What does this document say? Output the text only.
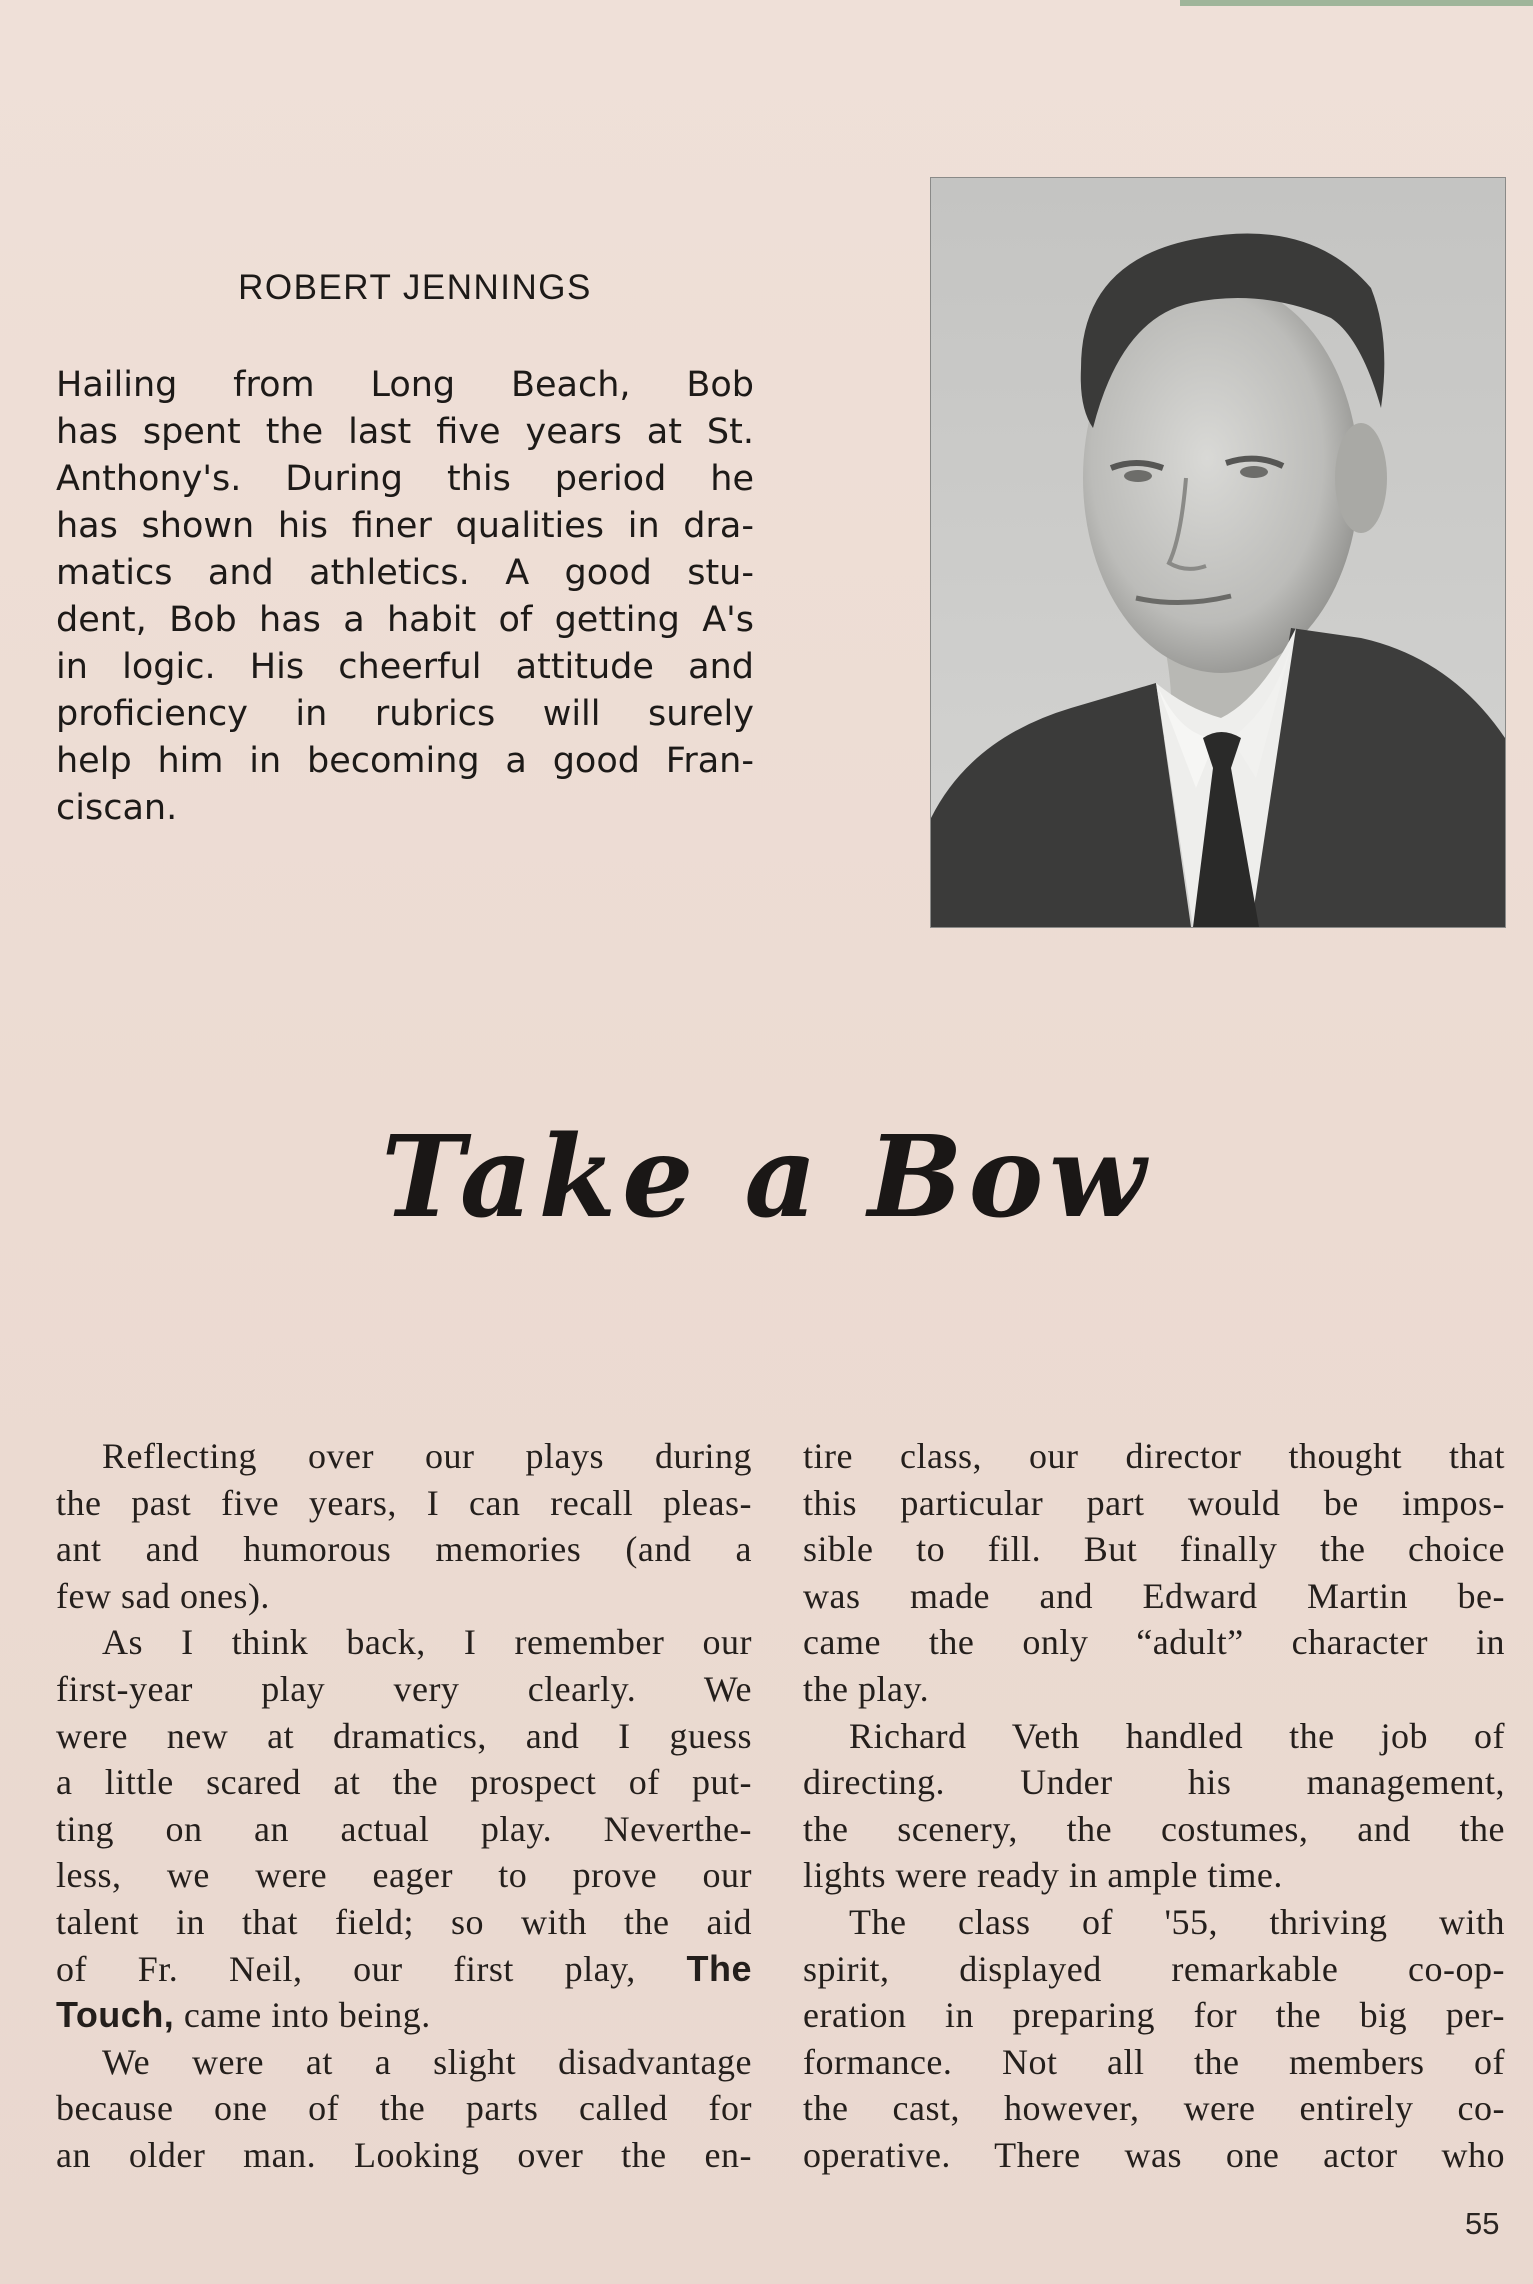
ROBERT JENNINGS
Hailing from Long Beach, Bob
has spent the last five years at St.
Anthony's. During this period he
has shown his finer qualities in dra-
matics and athletics. A good stu-
dent, Bob has a habit of getting A's
in logic. His cheerful attitude and
proficiency in rubrics will surely
help him in becoming a good Fran-
ciscan.
Take a Bow
Reflecting over our plays during
the past five years, I can recall pleas-
ant and humorous memories (and a
few sad ones).
As I think back, I remember our
first-year play very clearly. We
were new at dramatics, and I guess
a little scared at the prospect of put-
ting on an actual play. Neverthe-
less, we were eager to prove our
talent in that field; so with the aid
of Fr. Neil, our first play, The
Touch, came into being.
We were at a slight disadvantage
because one of the parts called for
an older man. Looking over the en-
tire class, our director thought that
this particular part would be impos-
sible to fill. But finally the choice
was made and Edward Martin be-
came the only “adult” character in
the play.
Richard Veth handled the job of
directing. Under his management,
the scenery, the costumes, and the
lights were ready in ample time.
The class of '55, thriving with
spirit, displayed remarkable co-op-
eration in preparing for the big per-
formance. Not all the members of
the cast, however, were entirely co-
operative. There was one actor who
55
